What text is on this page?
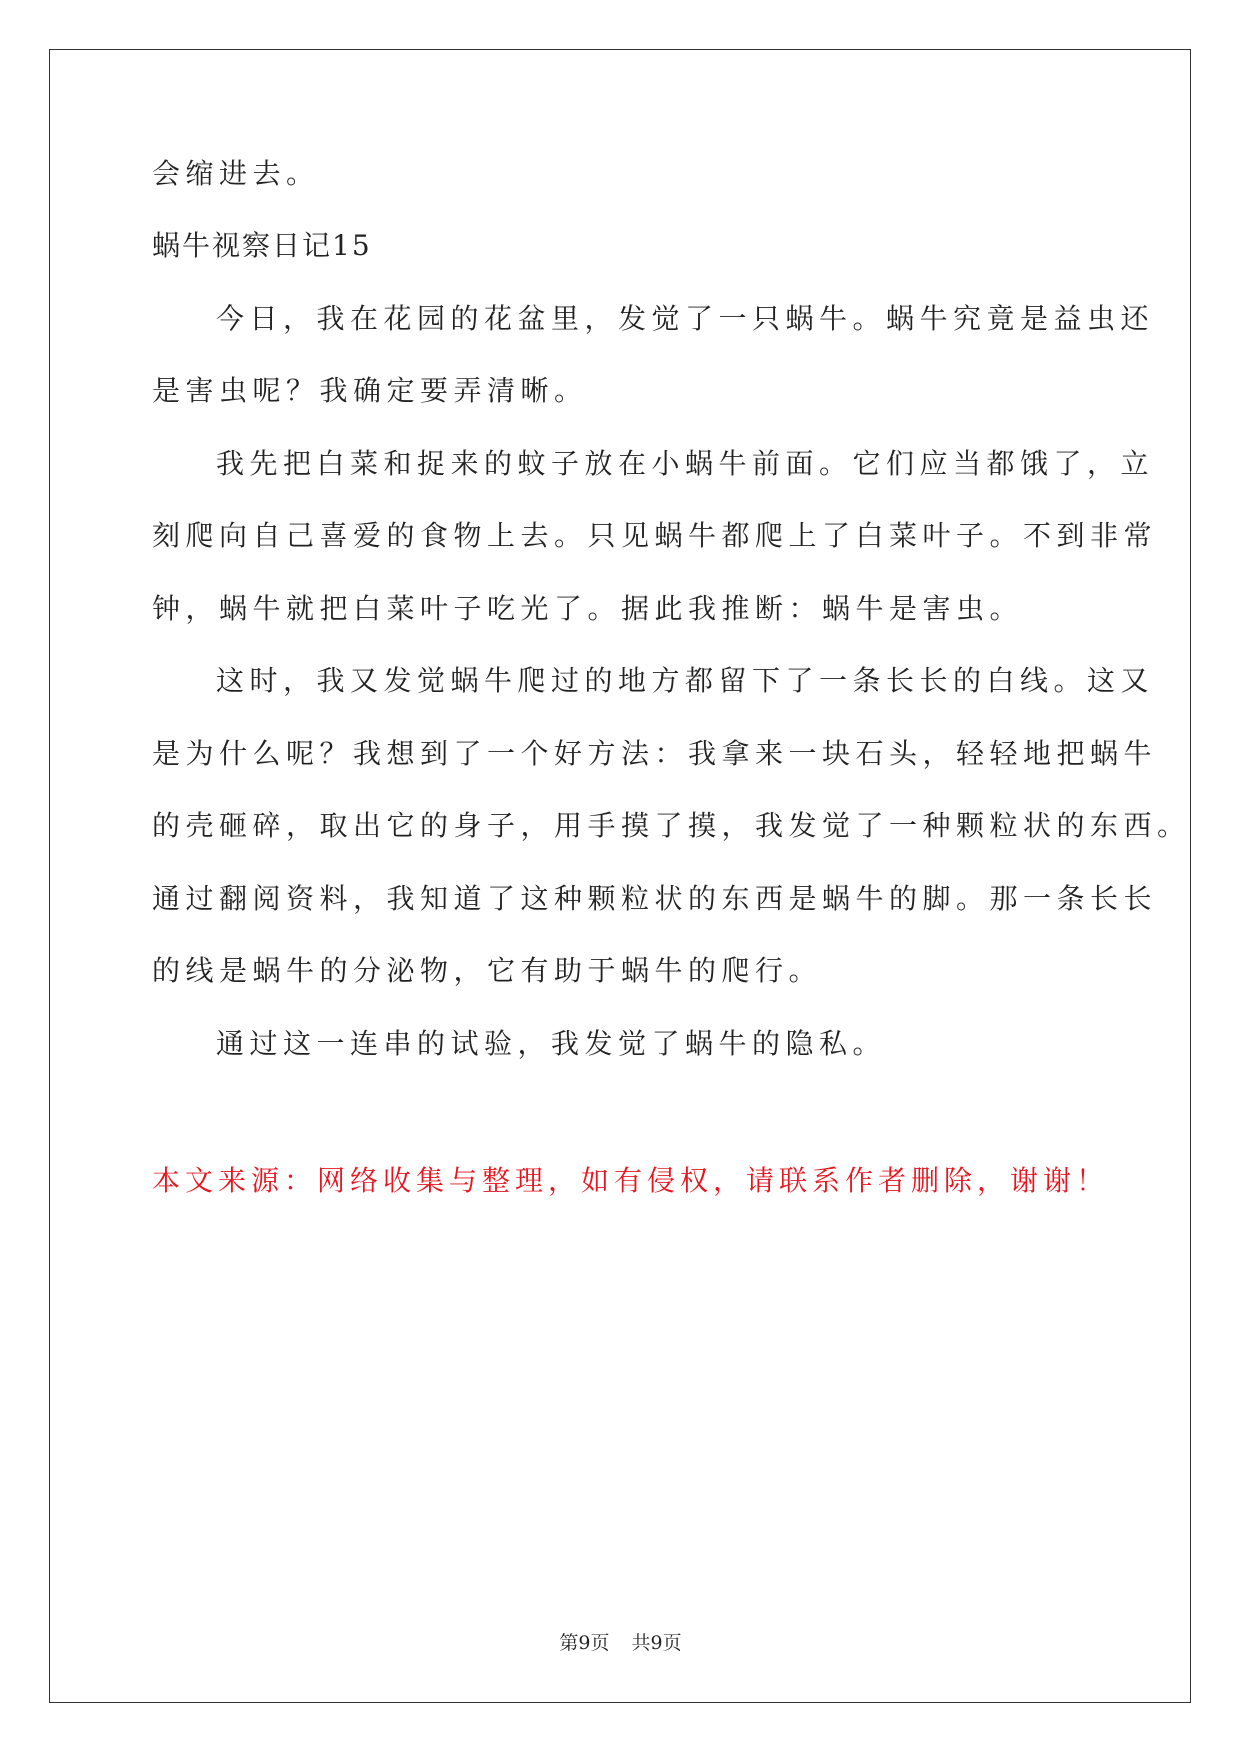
会缩进去。
蜗牛视察日记15
今日，我在花园的花盆里，发觉了一只蜗牛。蜗牛究竟是益虫还
是害虫呢？我确定要弄清晰。
我先把白菜和捉来的蚊子放在小蜗牛前面。它们应当都饿了，立
刻爬向自己喜爱的食物上去。只见蜗牛都爬上了白菜叶子。不到非常
钟，蜗牛就把白菜叶子吃光了。据此我推断：蜗牛是害虫。
这时，我又发觉蜗牛爬过的地方都留下了一条长长的白线。这又
是为什么呢？我想到了一个好方法：我拿来一块石头，轻轻地把蜗牛
的壳砸碎，取出它的身子，用手摸了摸，我发觉了一种颗粒状的东西。
通过翻阅资料，我知道了这种颗粒状的东西是蜗牛的脚。那一条长长
的线是蜗牛的分泌物，它有助于蜗牛的爬行。
通过这一连串的试验，我发觉了蜗牛的隐私。
本文来源：网络收集与整理，如有侵权，请联系作者删除，谢谢！
第9页 共9页
